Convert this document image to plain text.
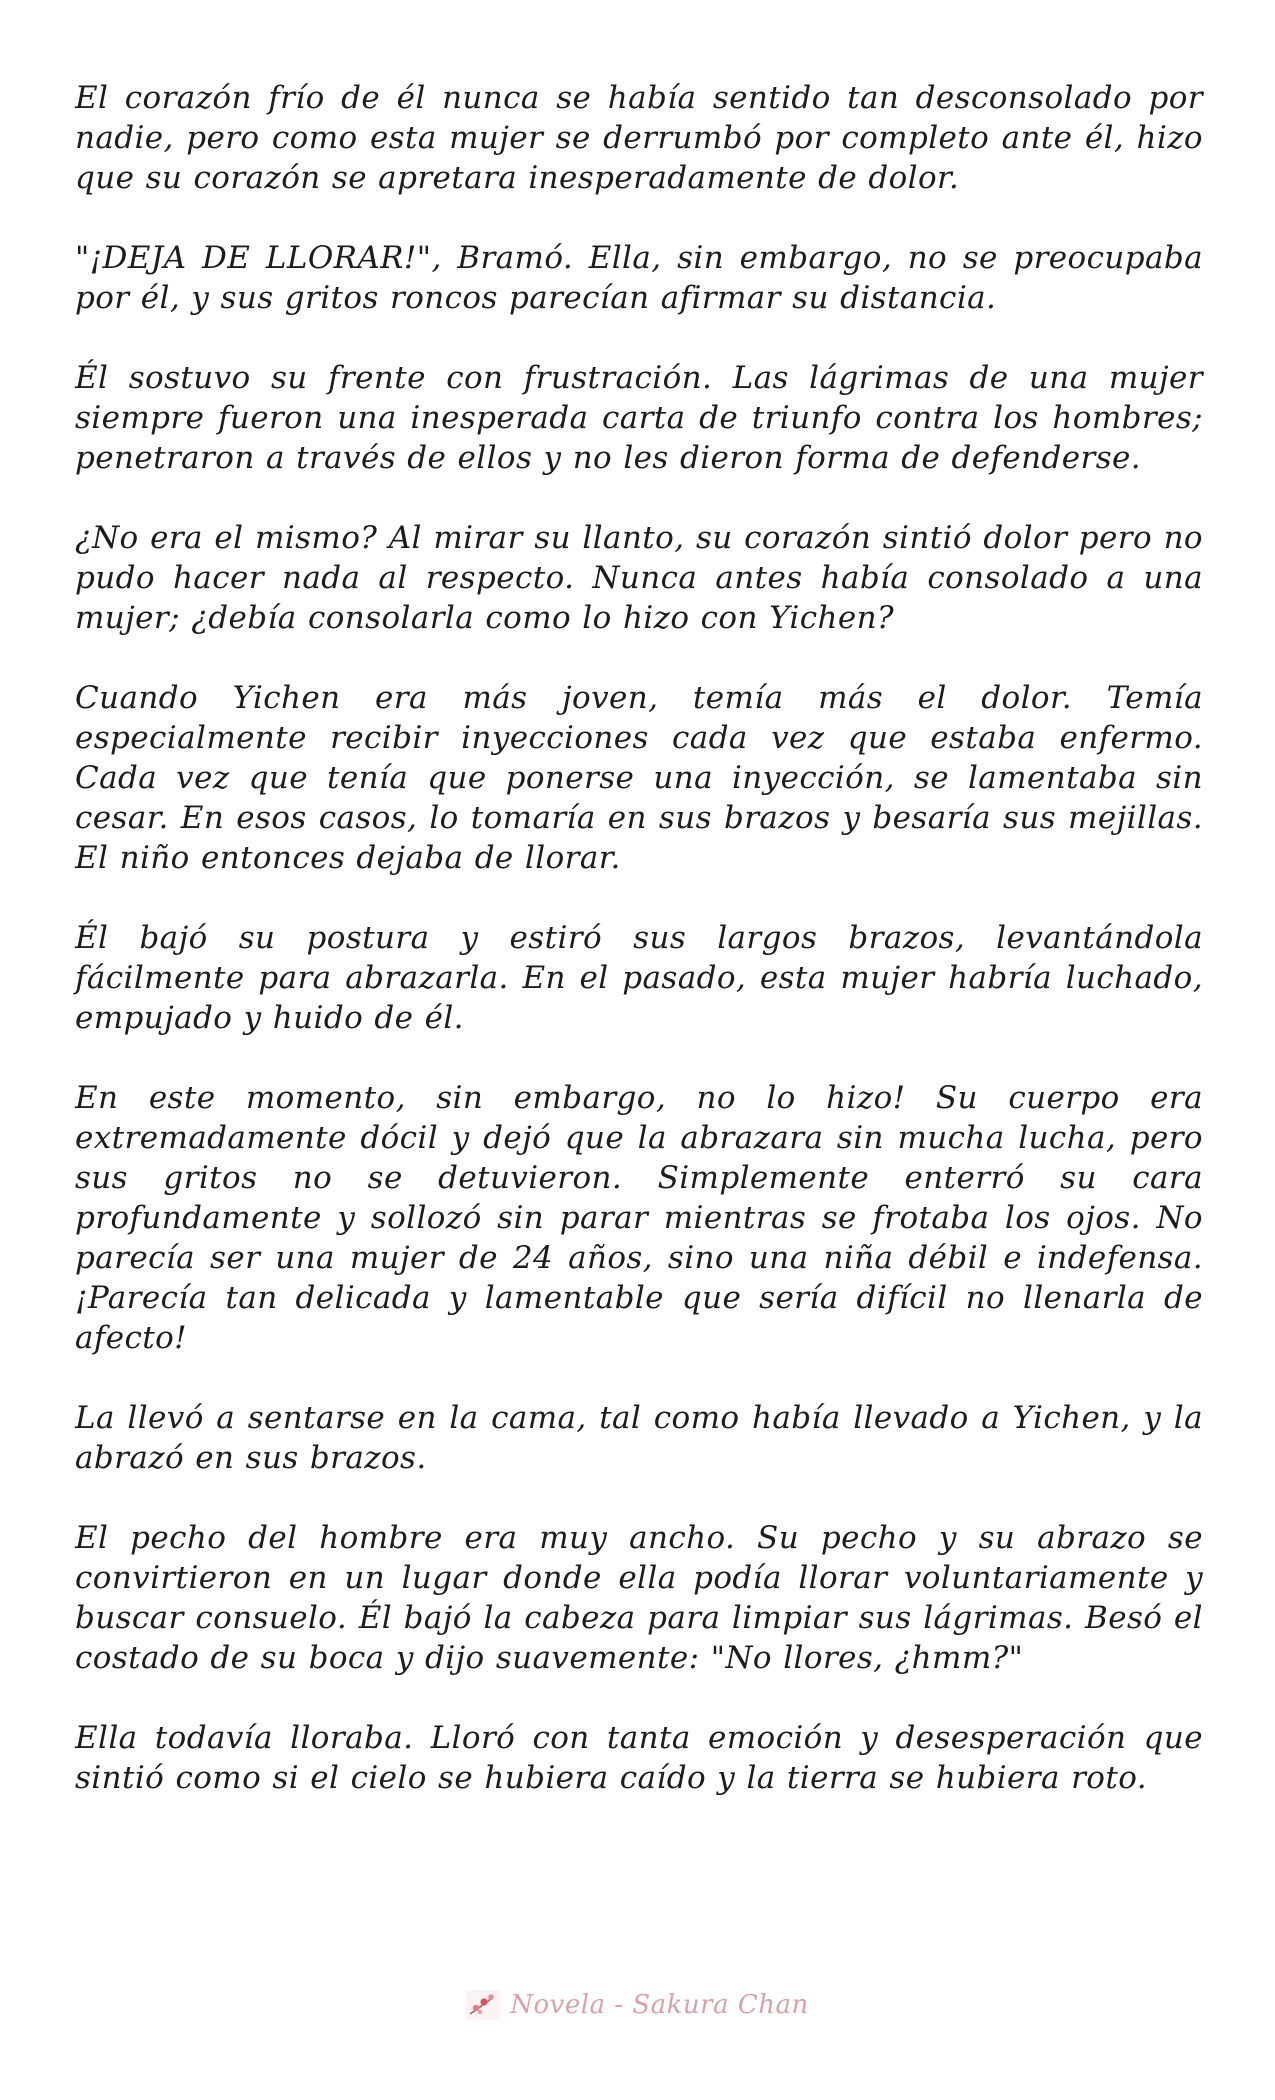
El corazón frío de él nunca se había sentido tan desconsolado por nadie, pero como esta mujer se derrumbó por completo ante él, hizo que su corazón se apretara inesperadamente de dolor.

"¡DEJA DE LLORAR!", Bramó. Ella, sin embargo, no se preocupaba por él, y sus gritos roncos parecían afirmar su distancia.

Él sostuvo su frente con frustración. Las lágrimas de una mujer siempre fueron una inesperada carta de triunfo contra los hombres; penetraron a través de ellos y no les dieron forma de defenderse.

¿No era el mismo? Al mirar su llanto, su corazón sintió dolor pero no pudo hacer nada al respecto. Nunca antes había consolado a una mujer; ¿debía consolarla como lo hizo con Yichen?

Cuando Yichen era más joven, temía más el dolor. Temía especialmente recibir inyecciones cada vez que estaba enfermo. Cada vez que tenía que ponerse una inyección, se lamentaba sin cesar. En esos casos, lo tomaría en sus brazos y besaría sus mejillas. El niño entonces dejaba de llorar.

Él bajó su postura y estiró sus largos brazos, levantándola fácilmente para abrazarla. En el pasado, esta mujer habría luchado, empujado y huido de él.

En este momento, sin embargo, no lo hizo! Su cuerpo era extremadamente dócil y dejó que la abrazara sin mucha lucha, pero sus gritos no se detuvieron. Simplemente enterró su cara profundamente y sollozó sin parar mientras se frotaba los ojos. No parecía ser una mujer de 24 años, sino una niña débil e indefensa. ¡Parecía tan delicada y lamentable que sería difícil no llenarla de afecto!

La llevó a sentarse en la cama, tal como había llevado a Yichen, y la abrazó en sus brazos.

El pecho del hombre era muy ancho. Su pecho y su abrazo se convirtieron en un lugar donde ella podía llorar voluntariamente y buscar consuelo. Él bajó la cabeza para limpiar sus lágrimas. Besó el costado de su boca y dijo suavemente: "No llores, ¿hmm?"

Ella todavía lloraba. Lloró con tanta emoción y desesperación que sintió como si el cielo se hubiera caído y la tierra se hubiera roto.

Novela - Sakura Chan
